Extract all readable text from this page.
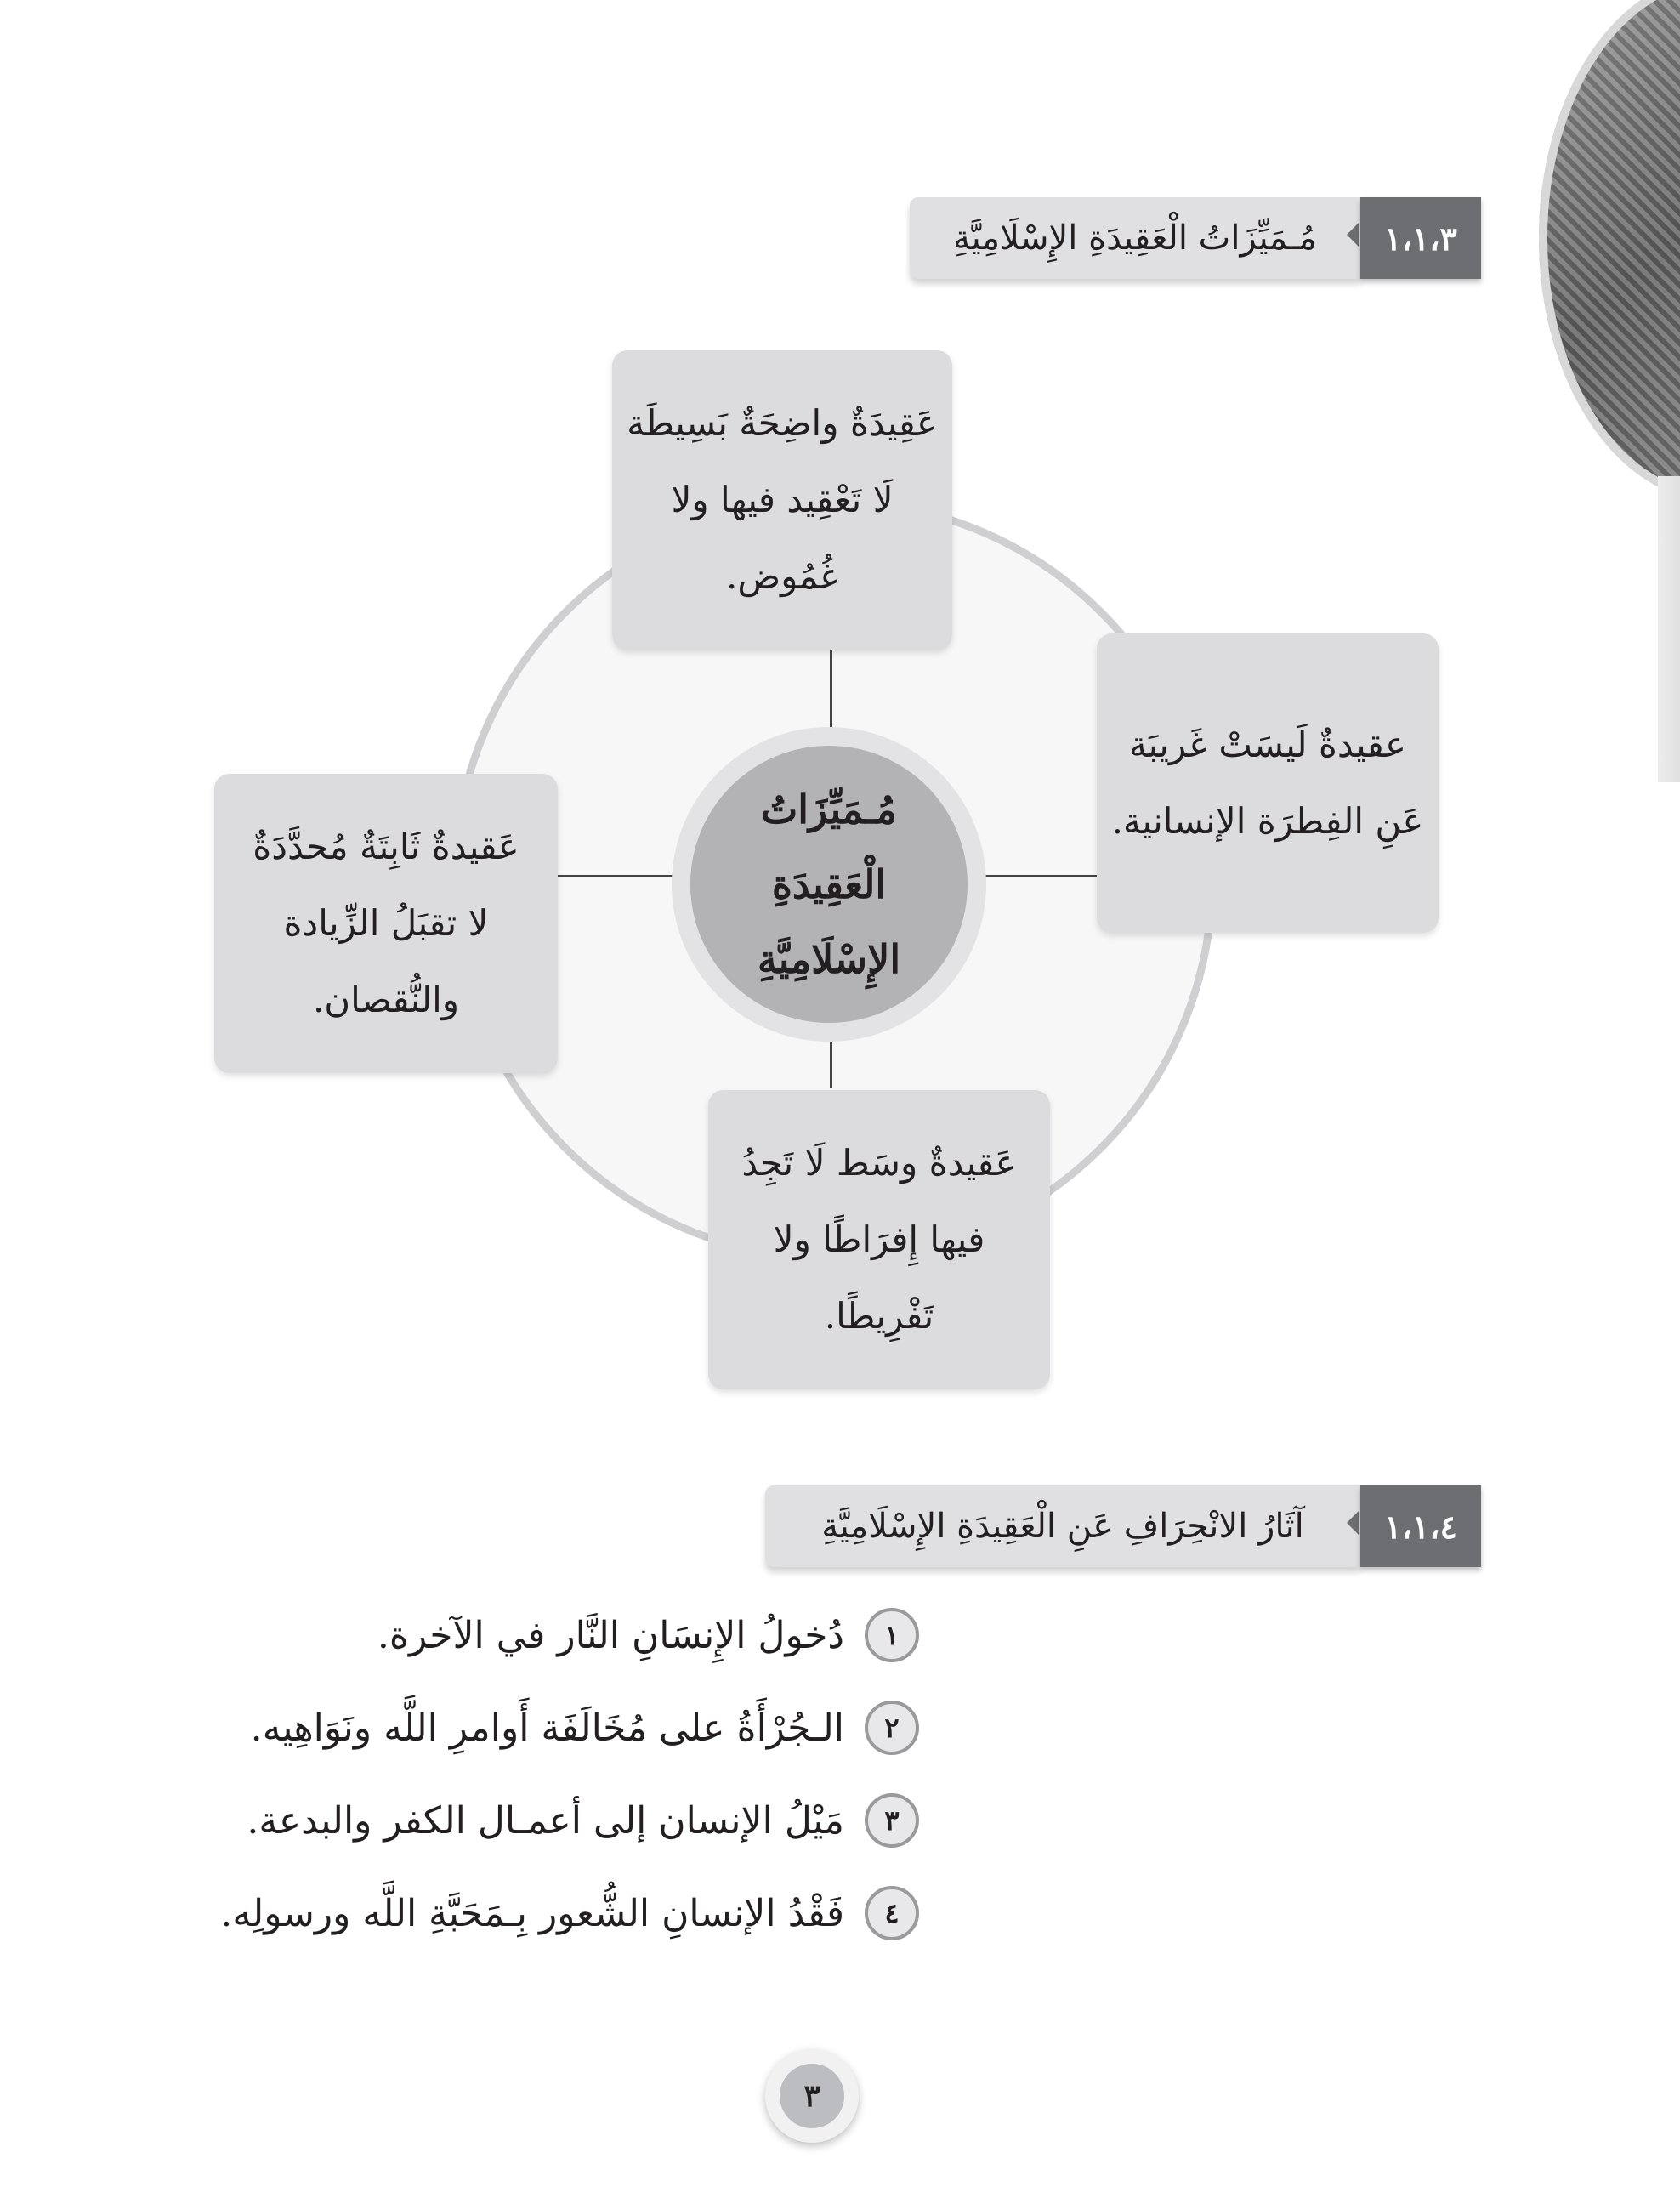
مُـمَيِّزَاتُ الْعَقِيدَةِ الإِسْلَامِيَّةِ	١،١،٣
مُـمَيِّزَاتُ
الْعَقِيدَةِ
الإِسْلَامِيَّةِ
عَقِيدَةٌ واضِحَةٌ بَسِيطَة
لَا تَعْقِيد فيها ولا
غُمُوض.
عقيدةٌ لَيسَتْ غَريبَة
عَنِ الفِطرَة الإنسانية.
عَقيدةٌ ثَابِتَةٌ مُحدَّدَةٌ
لا تقبَلُ الزِّيادة
والنُّقصان.
عَقيدةٌ وسَط لَا تَجِدُ
فيها إِفرَاطًا ولا
تَفْرِيطًا.
آثَارُ الانْحِرَافِ عَنِ الْعَقِيدَةِ الإِسْلَامِيَّةِ	١،١،٤
١
دُخولُ الإِنسَانِ النَّار في الآخرة.
٢
الـجُرْأَةُ على مُخَالَفَة أَوامرِ اللَّه ونَوَاهِيه.
٣
مَيْلُ الإنسان إلى أعمـال الكفر والبدعة.
٤
فَقْدُ الإنسانِ الشُّعور بِـمَحَبَّةِ اللَّه ورسولِه.
٣
